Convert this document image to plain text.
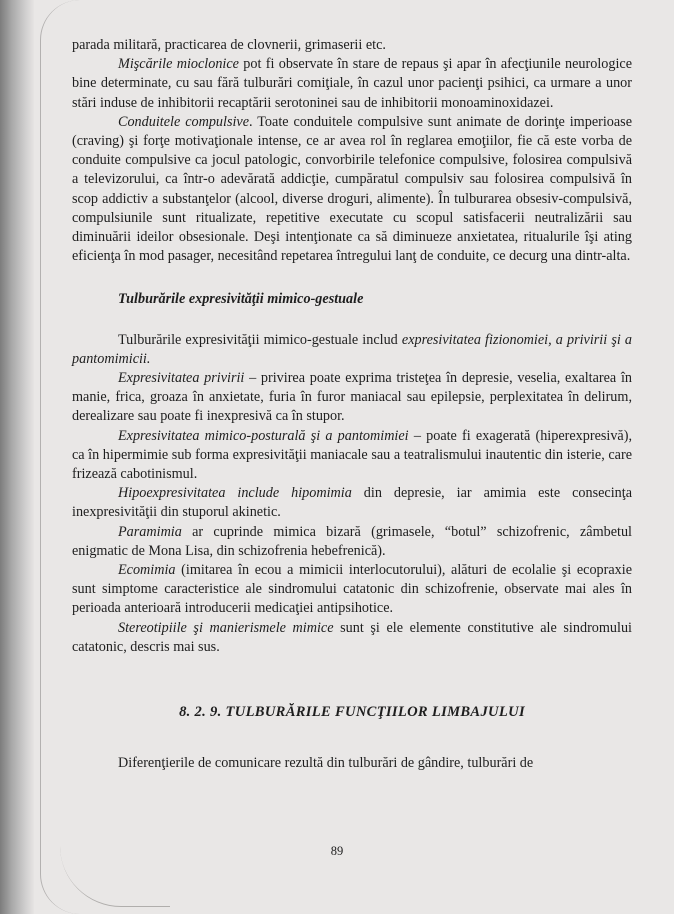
parada militară, practicarea de clovnerii, grimaserii etc.

Mişcările mioclonice pot fi observate în stare de repaus şi apar în afecţiunile neurologice bine determinate, cu sau fără tulburări comiţiale, în cazul unor pacienţi psihici, ca urmare a unor stări induse de inhibitorii recaptării serotoninei sau de inhibitorii monoaminoxidazei.

Conduitele compulsive. Toate conduitele compulsive sunt animate de dorinţe imperioase (craving) şi forţe motivaţionale intense, ce ar avea rol în reglarea emoţiilor, fie că este vorba de conduite compulsive ca jocul patologic, convorbirile telefonice compulsive, folosirea compulsivă a televizorului, ca într-o adevărată addicţie, cumpăratul compulsiv sau folosirea compulsivă în scop addictiv a substanţelor (alcool, diverse droguri, alimente). În tulburarea obsesiv-compulsivă, compulsiunile sunt ritualizate, repetitive executate cu scopul satisfacerii neutralizării sau diminuării ideilor obsesionale. Deşi intenţionate ca să diminueze anxietatea, ritualurile îşi ating eficienţa în mod pasager, necesitând repetarea întregului lanţ de conduite, ce decurg una dintr-alta.

Tulburările expresivităţii mimico-gestuale

Tulburările expresivităţii mimico-gestuale includ expresivitatea fizionomiei, a privirii şi a pantomimicii.

Expresivitatea privirii – privirea poate exprima tristeţea în depresie, veselia, exaltarea în manie, frica, groaza în anxietate, furia în furor maniacal sau epilepsie, perplexitatea în delirum, derealizare sau poate fi inexpresivă ca în stupor.

Expresivitatea mimico-posturală şi a pantomimiei – poate fi exagerată (hiperexpresivă), ca în hipermimie sub forma expresivităţii maniacale sau a teatralismului inautentic din isterie, care frizează cabotinismul.

Hipoexpresivitatea include hipomimia din depresie, iar amimia este consecinţa inexpresivităţii din stuporul akinetic.

Paramimia ar cuprinde mimica bizară (grimasele, “botul” schizofrenic, zâmbetul enigmatic de Mona Lisa, din schizofrenia hebefrenică).

Ecomimia (imitarea în ecou a mimicii interlocutorului), alături de ecolalie şi ecopraxie sunt simptome caracteristice ale sindromului catatonic din schizofrenie, observate mai ales în perioada anterioară introducerii medicaţiei antipsihotice.

Stereotipiile şi manierismele mimice sunt şi ele elemente constitutive ale sindromului catatonic, descris mai sus.

8. 2. 9. TULBURĂRILE FUNCŢIILOR LIMBAJULUI

Diferenţierile de comunicare rezultă din tulburări de gândire, tulburări de

89
